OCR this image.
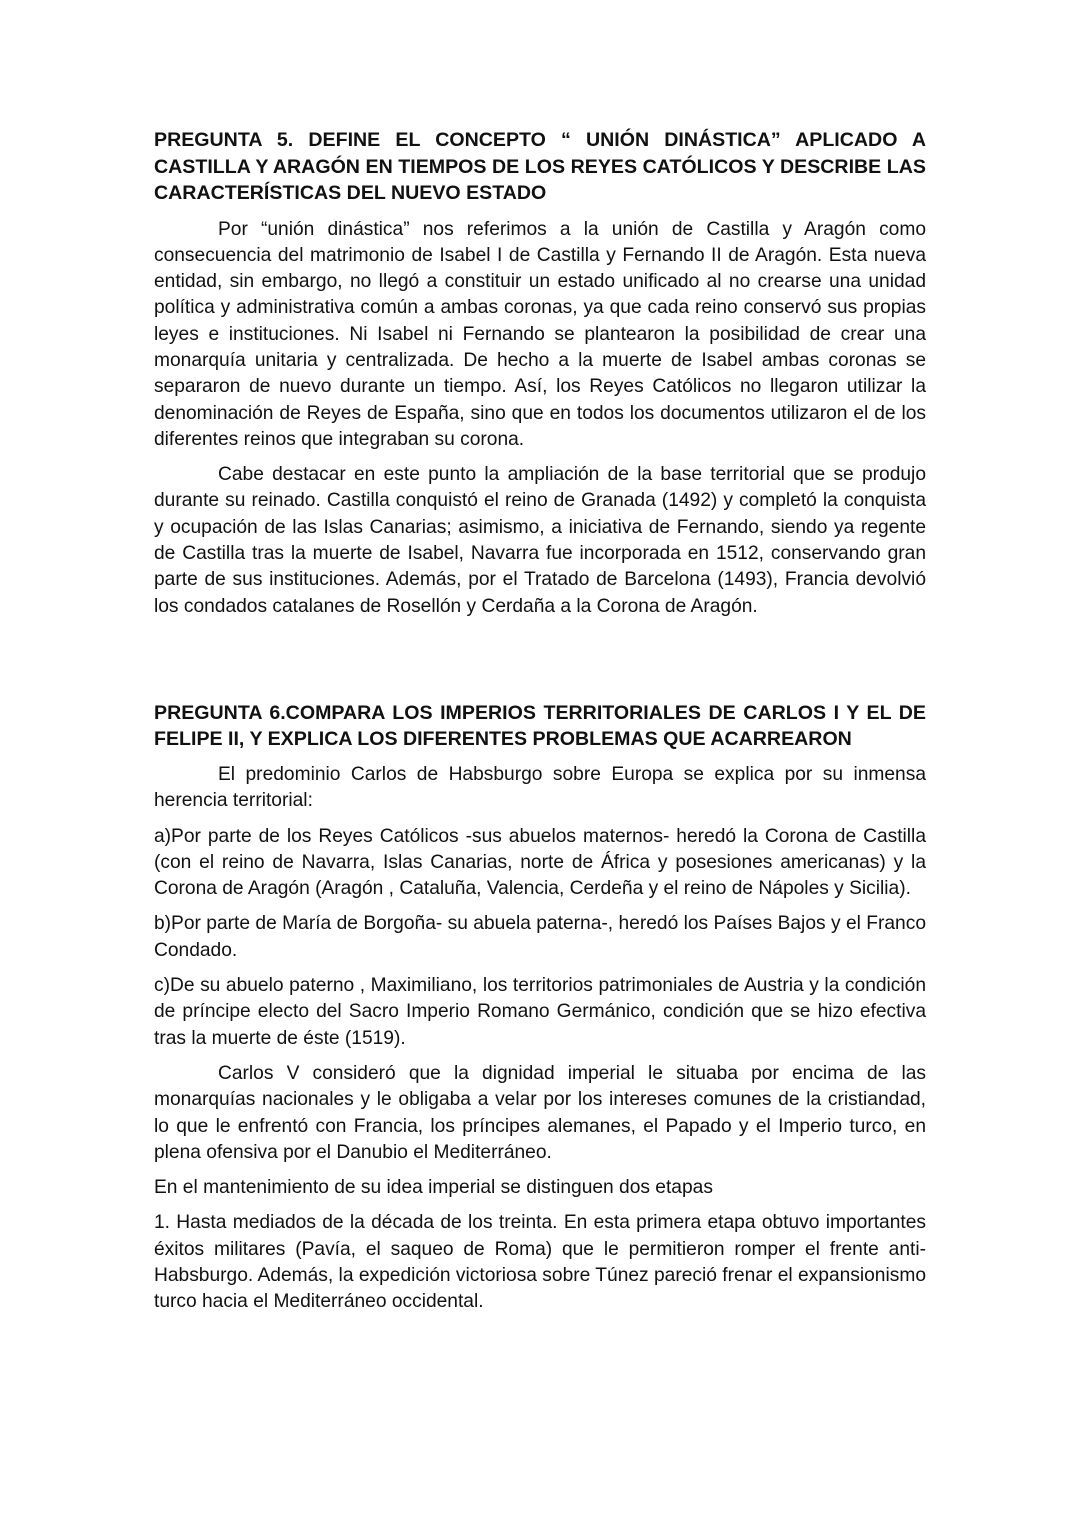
PREGUNTA 5. DEFINE EL CONCEPTO “ UNIÓN DINÁSTICA” APLICADO A CASTILLA Y ARAGÓN EN TIEMPOS DE LOS REYES CATÓLICOS Y DESCRIBE LAS CARACTERÍSTICAS DEL NUEVO ESTADO

Por “unión dinástica” nos referimos a la unión de Castilla y Aragón como consecuencia del matrimonio de Isabel I de Castilla y Fernando II de Aragón. Esta nueva entidad, sin embargo, no llegó a constituir un estado unificado al no crearse una unidad política y administrativa común a ambas coronas, ya que cada reino conservó sus propias leyes e instituciones. Ni Isabel ni Fernando se plantearon la posibilidad de crear una monarquía unitaria y centralizada. De hecho a la muerte de Isabel ambas coronas se separaron de nuevo durante un tiempo. Así, los Reyes Católicos no llegaron utilizar la denominación de Reyes de España, sino que en todos los documentos utilizaron el de los diferentes reinos que integraban su corona.

Cabe destacar en este punto la ampliación de la base territorial que se produjo durante su reinado. Castilla conquistó el reino de Granada (1492) y completó la conquista y ocupación de las Islas Canarias; asimismo, a iniciativa de Fernando, siendo ya regente de Castilla tras la muerte de Isabel, Navarra fue incorporada en 1512, conservando gran parte de sus instituciones. Además, por el Tratado de Barcelona (1493), Francia devolvió los condados catalanes de Rosellón y Cerdaña a la Corona de Aragón.

PREGUNTA 6.COMPARA LOS IMPERIOS TERRITORIALES DE CARLOS I Y EL DE FELIPE II, Y EXPLICA LOS DIFERENTES PROBLEMAS QUE ACARREARON

El predominio Carlos de Habsburgo sobre Europa se explica por su inmensa herencia territorial:

a)Por parte de los Reyes Católicos -sus abuelos maternos- heredó la Corona de Castilla (con el reino de Navarra, Islas Canarias, norte de África y posesiones americanas) y la Corona de Aragón (Aragón , Cataluña, Valencia, Cerdeña y el reino de Nápoles y Sicilia).

b)Por parte de María de Borgoña- su abuela paterna-, heredó los Países Bajos y el Franco Condado.

c)De su abuelo paterno , Maximiliano, los territorios patrimoniales de Austria y la condición de príncipe electo del Sacro Imperio Romano Germánico, condición que se hizo efectiva tras la muerte de éste (1519).

Carlos V consideró que la dignidad imperial le situaba por encima de las monarquías nacionales y le obligaba a velar por los intereses comunes de la cristiandad, lo que le enfrentó con Francia, los príncipes alemanes, el Papado y el Imperio turco, en plena ofensiva por el Danubio el Mediterráneo.

En el mantenimiento de su idea imperial se distinguen dos etapas

1. Hasta mediados de la década de los treinta. En esta primera etapa obtuvo importantes éxitos militares (Pavía, el saqueo de Roma) que le permitieron romper el frente anti-Habsburgo. Además, la expedición victoriosa sobre Túnez pareció frenar el expansionismo turco hacia el Mediterráneo occidental.
